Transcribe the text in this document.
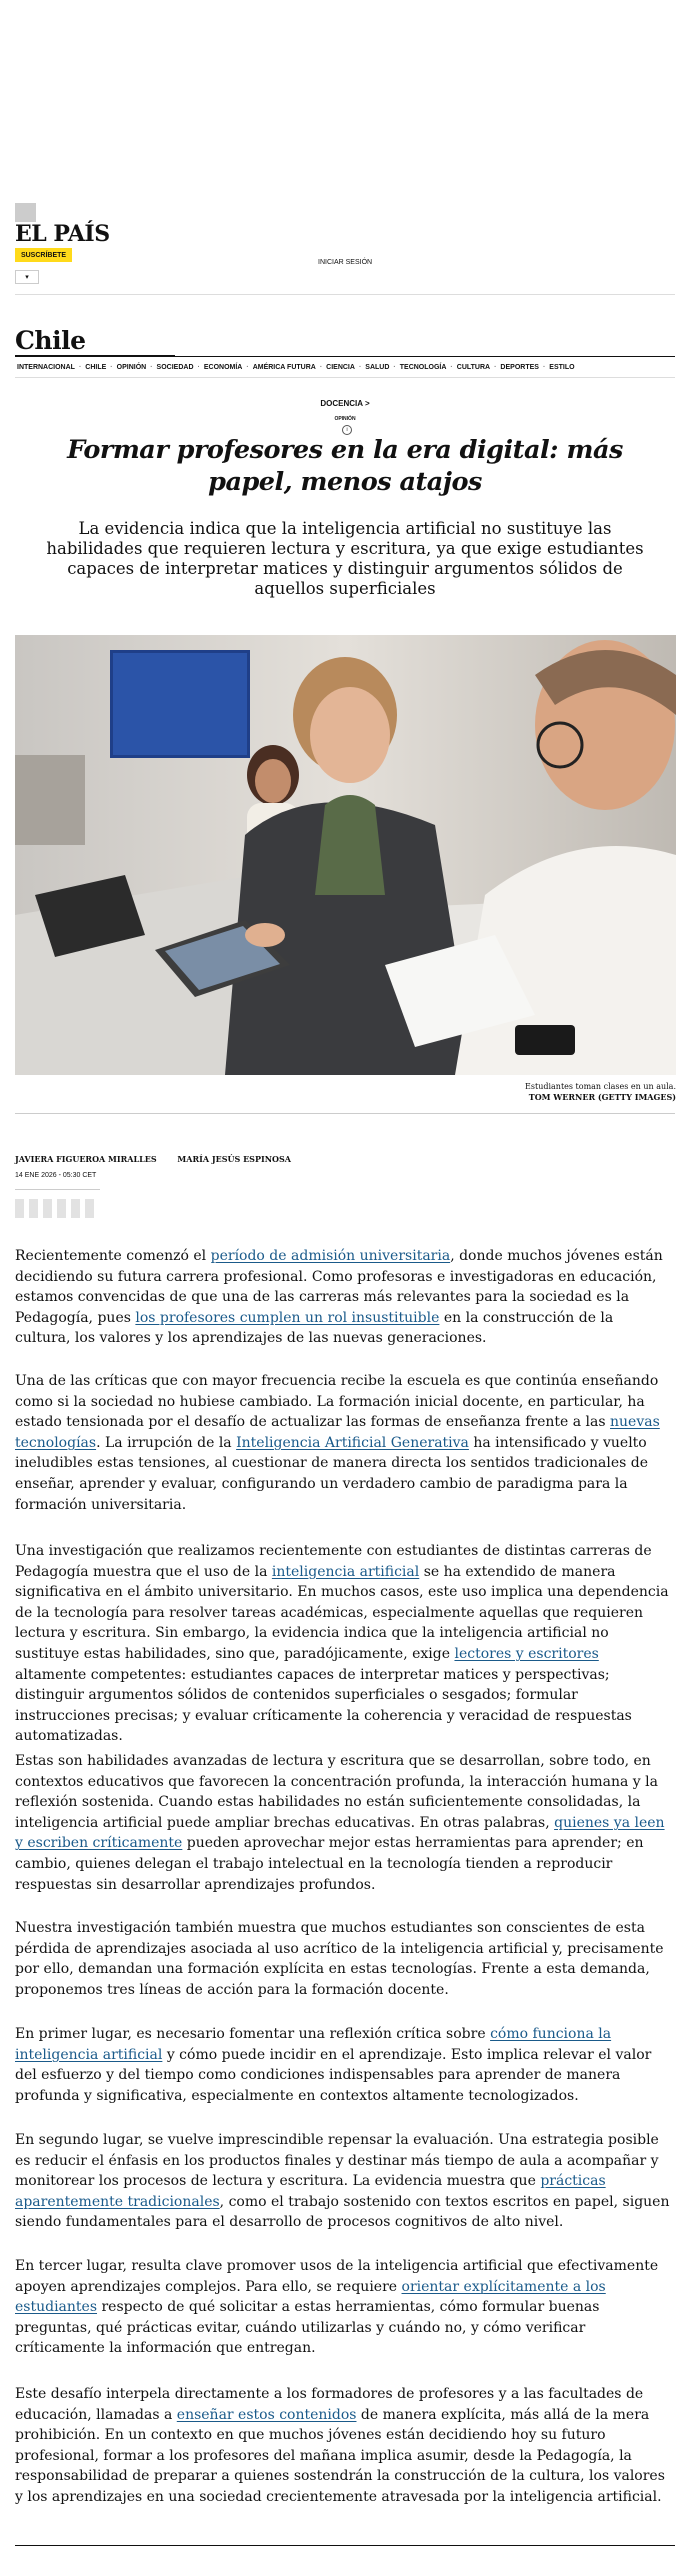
EL PAÍS
SUSCRÍBETE
INICIAR SESIÓN
▾
Chile
INTERNACIONAL · CHILE · OPINIÓN · SOCIEDAD · ECONOMÍA · AMÉRICA FUTURA · CIENCIA · SALUD · TECNOLOGÍA · CULTURA · DEPORTES · ESTILO
DOCENCIA >
OPINIÓN
i
Formar profesores en la era digital: más papel, menos atajos

La evidencia indica que la inteligencia artificial no sustituye las habilidades que requieren lectura y escritura, ya que exige estudiantes capaces de interpretar matices y distinguir argumentos sólidos de aquellos superficiales

Estudiantes toman clases en un aula.
TOM WERNER (GETTY IMAGES)
JAVIERA FIGUEROA MIRALLES	MARÍA JESÚS ESPINOSA
14 ENE 2026 - 05:30 CET

Recientemente comenzó el período de admisión universitaria, donde muchos jóvenes están decidiendo su futura carrera profesional. Como profesoras e investigadoras en educación, estamos convencidas de que una de las carreras más relevantes para la sociedad es la Pedagogía, pues los profesores cumplen un rol insustituible en la construcción de la cultura, los valores y los aprendizajes de las nuevas generaciones.

Una de las críticas que con mayor frecuencia recibe la escuela es que continúa enseñando como si la sociedad no hubiese cambiado. La formación inicial docente, en particular, ha estado tensionada por el desafío de actualizar las formas de enseñanza frente a las nuevas tecnologías. La irrupción de la Inteligencia Artificial Generativa ha intensificado y vuelto ineludibles estas tensiones, al cuestionar de manera directa los sentidos tradicionales de enseñar, aprender y evaluar, configurando un verdadero cambio de paradigma para la formación universitaria.

Una investigación que realizamos recientemente con estudiantes de distintas carreras de Pedagogía muestra que el uso de la inteligencia artificial se ha extendido de manera significativa en el ámbito universitario. En muchos casos, este uso implica una dependencia de la tecnología para resolver tareas académicas, especialmente aquellas que requieren lectura y escritura. Sin embargo, la evidencia indica que la inteligencia artificial no sustituye estas habilidades, sino que, paradójicamente, exige lectores y escritores altamente competentes: estudiantes capaces de interpretar matices y perspectivas; distinguir argumentos sólidos de contenidos superficiales o sesgados; formular instrucciones precisas; y evaluar críticamente la coherencia y veracidad de respuestas automatizadas.

Estas son habilidades avanzadas de lectura y escritura que se desarrollan, sobre todo, en contextos educativos que favorecen la concentración profunda, la interacción humana y la reflexión sostenida. Cuando estas habilidades no están suficientemente consolidadas, la inteligencia artificial puede ampliar brechas educativas. En otras palabras, quienes ya leen y escriben críticamente pueden aprovechar mejor estas herramientas para aprender; en cambio, quienes delegan el trabajo intelectual en la tecnología tienden a reproducir respuestas sin desarrollar aprendizajes profundos.

Nuestra investigación también muestra que muchos estudiantes son conscientes de esta pérdida de aprendizajes asociada al uso acrítico de la inteligencia artificial y, precisamente por ello, demandan una formación explícita en estas tecnologías. Frente a esta demanda, proponemos tres líneas de acción para la formación docente.

En primer lugar, es necesario fomentar una reflexión crítica sobre cómo funciona la inteligencia artificial y cómo puede incidir en el aprendizaje. Esto implica relevar el valor del esfuerzo y del tiempo como condiciones indispensables para aprender de manera profunda y significativa, especialmente en contextos altamente tecnologizados.

En segundo lugar, se vuelve imprescindible repensar la evaluación. Una estrategia posible es reducir el énfasis en los productos finales y destinar más tiempo de aula a acompañar y monitorear los procesos de lectura y escritura. La evidencia muestra que prácticas aparentemente tradicionales, como el trabajo sostenido con textos escritos en papel, siguen siendo fundamentales para el desarrollo de procesos cognitivos de alto nivel.

En tercer lugar, resulta clave promover usos de la inteligencia artificial que efectivamente apoyen aprendizajes complejos. Para ello, se requiere orientar explícitamente a los estudiantes respecto de qué solicitar a estas herramientas, cómo formular buenas preguntas, qué prácticas evitar, cuándo utilizarlas y cuándo no, y cómo verificar críticamente la información que entregan.

Este desafío interpela directamente a los formadores de profesores y a las facultades de educación, llamadas a enseñar estos contenidos de manera explícita, más allá de la mera prohibición. En un contexto en que muchos jóvenes están decidiendo hoy su futuro profesional, formar a los profesores del mañana implica asumir, desde la Pedagogía, la responsabilidad de preparar a quienes sostendrán la construcción de la cultura, los valores y los aprendizajes en una sociedad crecientemente atravesada por la inteligencia artificial.
